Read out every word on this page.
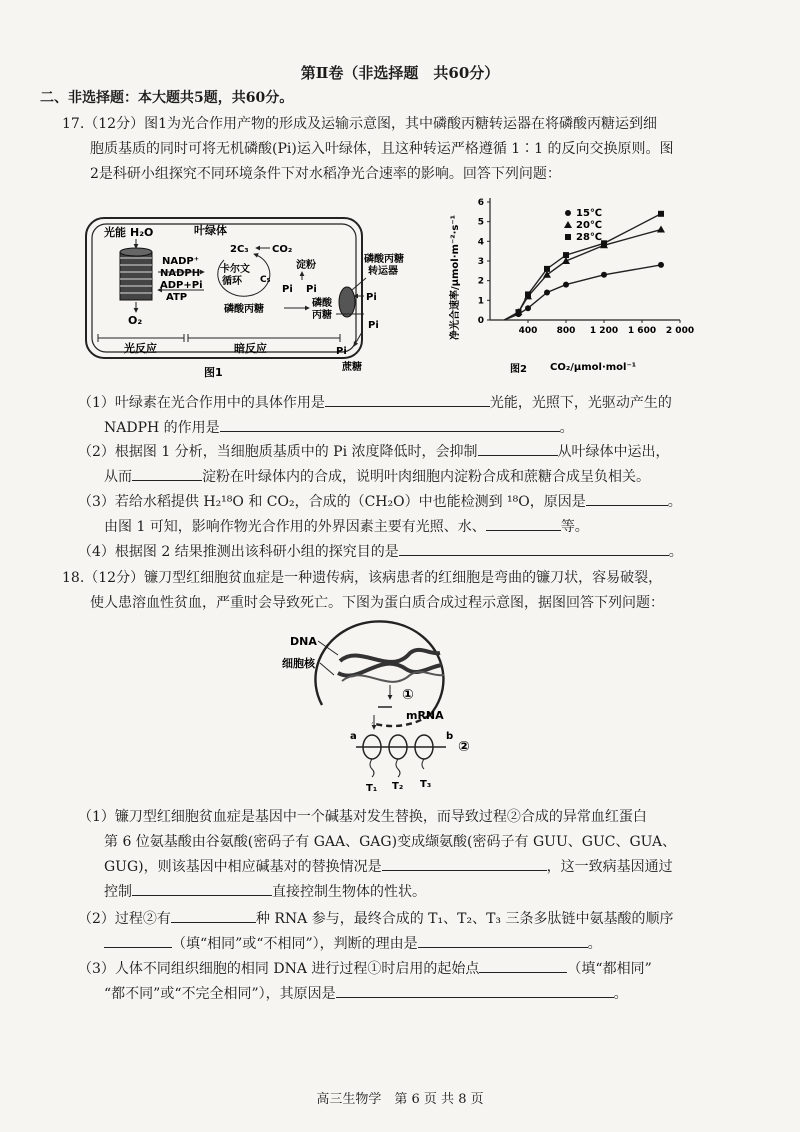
第Ⅱ卷（非选择题　共60分）
二、非选择题：本大题共5题，共60分。
17.（12分）图1为光合作用产物的形成及运输示意图，其中磷酸丙糖转运器在将磷酸丙糖运到细
胞质基质的同时可将无机磷酸(Pi)运入叶绿体，且这种转运严格遵循 1∶1 的反向交换原则。图
2是科研小组探究不同环境条件下对水稻净光合速率的影响。回答下列问题：
光能 H₂O
O₂
叶绿体
NADP⁺
NADPH
ADP+Pi
ATP
2C₃ CO₂
卡尔文
循环 C₅
淀粉
Pi Pi
磷酸丙糖
磷酸
丙糖
磷酸丙糖
转运器
Pi
Pi
Pi
蔗糖
光反应	暗反应
图1
净光合速率/μmol·m⁻²·s⁻¹ 0
1
2
3
4
5
6
400 800 1 200 1 600 2 000
15℃
20℃
28℃
CO₂/μmol·mol⁻¹
图2
（1）叶绿素在光合作用中的具体作用是	光能，光照下，光驱动产生的
NADPH 的作用是	。
（2）根据图 1 分析，当细胞质基质中的 Pi 浓度降低时，会抑制	从叶绿体中运出，
从而	淀粉在叶绿体内的合成，说明叶肉细胞内淀粉合成和蔗糖合成呈负相关。
（3）若给水稻提供 H₂¹⁸O 和 CO₂，合成的（CH₂O）中也能检测到 ¹⁸O，原因是	。
由图 1 可知，影响作物光合作用的外界因素主要有光照、水、	等。
（4）根据图 2 结果推测出该科研小组的探究目的是	。
18.（12分）镰刀型红细胞贫血症是一种遗传病，该病患者的红细胞是弯曲的镰刀状，容易破裂，
使人患溶血性贫血，严重时会导致死亡。下图为蛋白质合成过程示意图，据图回答下列问题：
DNA
细胞核
①
mRNA
a	b
②
T₁ T₂ T₃
（1）镰刀型红细胞贫血症是基因中一个碱基对发生替换，而导致过程②合成的异常血红蛋白
第 6 位氨基酸由谷氨酸(密码子有 GAA、GAG)变成缬氨酸(密码子有 GUU、GUC、GUA、
GUG)，则该基因中相应碱基对的替换情况是	，这一致病基因通过
控制	直接控制生物体的性状。
（2）过程②有	种 RNA 参与，最终合成的 T₁、T₂、T₃ 三条多肽链中氨基酸的顺序
（填“相同”或“不相同”），判断的理由是	。
（3）人体不同组织细胞的相同 DNA 进行过程①时启用的起始点	（填“都相同”
“都不同”或“不完全相同”），其原因是	。
高三生物学　第 6 页 共 8 页
